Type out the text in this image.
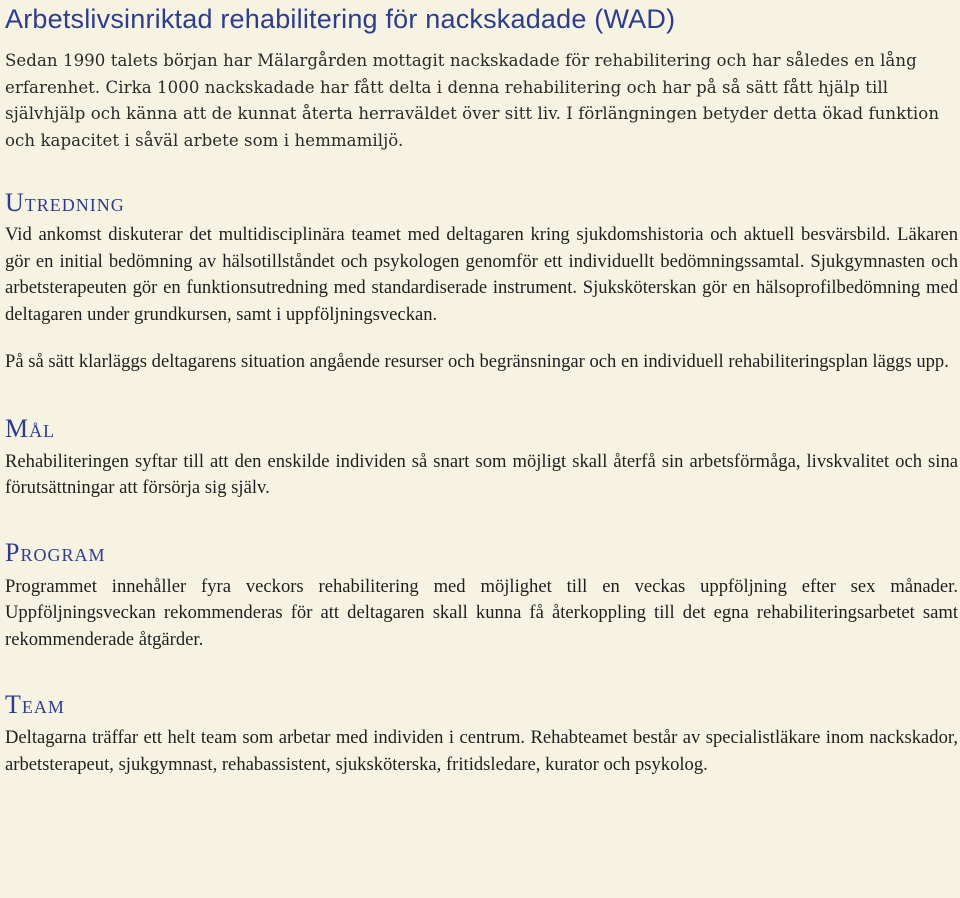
Arbetslivsinriktad rehabilitering för nackskadade (WAD)

Sedan 1990 talets början har Mälargården mottagit nackskadade för rehabilitering och har således en lång erfarenhet. Cirka 1000 nackskadade har fått delta i denna rehabilitering och har på så sätt fått hjälp till självhjälp och känna att de kunnat återta herraväldet över sitt liv. I förlängningen betyder detta ökad funktion och kapacitet i såväl arbete som i hemmamiljö.

Utredning

Vid ankomst diskuterar det multidisciplinära teamet med deltagaren kring sjukdomshistoria och aktuell besvärsbild. Läkaren gör en initial bedömning av hälsotillståndet och psykologen genomför ett individuellt bedömningssamtal. Sjukgymnasten och arbetsterapeuten gör en funktionsutredning med standardiserade instrument. Sjuksköterskan gör en hälsoprofilbedömning med deltagaren under grundkursen, samt i uppföljningsveckan.

På så sätt klarläggs deltagarens situation angående resurser och begränsningar och en individuell rehabiliteringsplan läggs upp.

Mål

Rehabiliteringen syftar till att den enskilde individen så snart som möjligt skall återfå sin arbetsförmåga, livskvalitet och sina förutsättningar att försörja sig själv.

Program

Programmet innehåller fyra veckors rehabilitering med möjlighet till en veckas uppföljning efter sex månader. Uppföljningsveckan rekommenderas för att deltagaren skall kunna få återkoppling till det egna rehabiliteringsarbetet samt rekommenderade åtgärder.

Team

Deltagarna träffar ett helt team som arbetar med individen i centrum. Rehabteamet består av specialistläkare inom nackskador, arbetsterapeut, sjukgymnast, rehabassistent, sjuksköterska, fritidsledare, kurator och psykolog.
